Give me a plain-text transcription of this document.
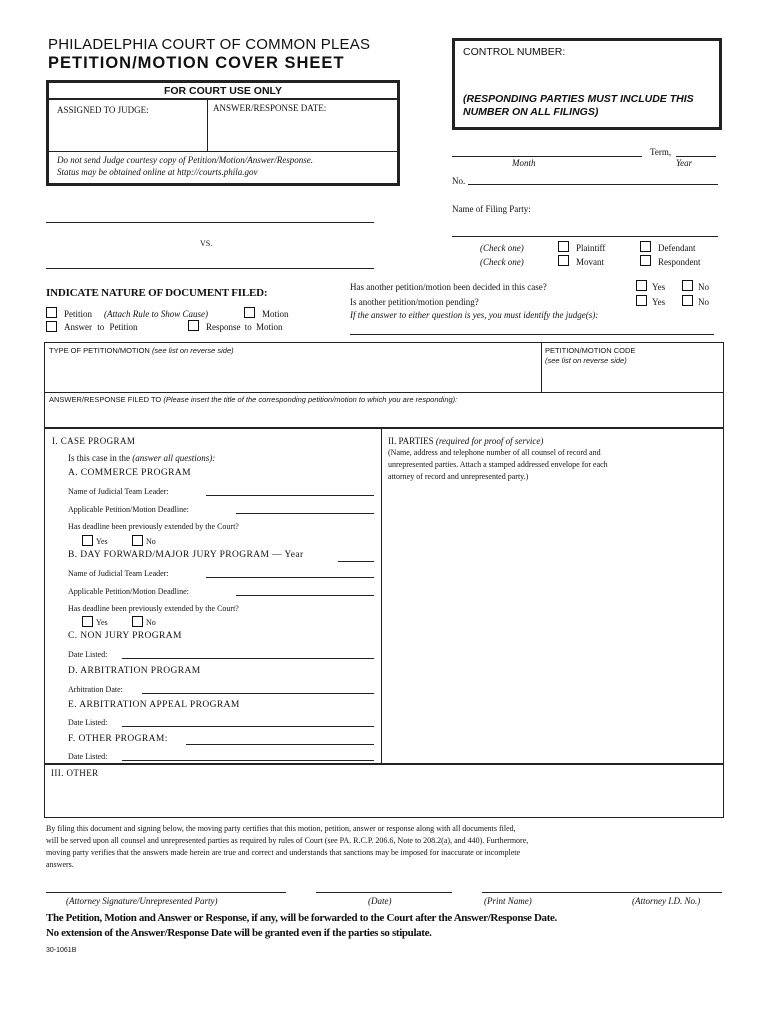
PHILADELPHIA COURT OF COMMON PLEAS
PETITION/MOTION COVER SHEET
CONTROL NUMBER:
(RESPONDING PARTIES MUST INCLUDE THIS NUMBER ON ALL FILINGS)
FOR COURT USE ONLY
ASSIGNED TO JUDGE:	ANSWER/RESPONSE DATE:
Do not send Judge courtesy copy of Petition/Motion/Answer/Response.
Status may be obtained online at http://courts.phila.gov
VS.
Term,
Month	Year
No.
Name of Filing Party:
(Check one)	Plaintiff	Defendant
(Check one)	Movant	Respondent
INDICATE NATURE OF DOCUMENT FILED:
Petition (Attach Rule to Show Cause)	Motion
Answer to Petition	Response to Motion
Has another petition/motion been decided in this case?	Yes	No
Is another petition/motion pending?	Yes	No
If the answer to either question is yes, you must identify the judge(s):
TYPE OF PETITION/MOTION (see list on reverse side)	PETITION/MOTION CODE
(see list on reverse side)
ANSWER/RESPONSE FILED TO (Please insert the title of the corresponding petition/motion to which you are responding):
I. CASE PROGRAM
Is this case in the (answer all questions):
A. COMMERCE PROGRAM
Name of Judicial Team Leader:
Applicable Petition/Motion Deadline:
Has deadline been previously extended by the Court?
Yes	No
B. DAY FORWARD/MAJOR JURY PROGRAM — Year
Name of Judicial Team Leader:
Applicable Petition/Motion Deadline:
Has deadline been previously extended by the Court?
Yes	No
C. NON JURY PROGRAM
Date Listed:
D. ARBITRATION PROGRAM
Arbitration Date:
E. ARBITRATION APPEAL PROGRAM
Date Listed:
F. OTHER PROGRAM:
Date Listed:
II. PARTIES (required for proof of service)
(Name, address and telephone number of all counsel of record and
unrepresented parties. Attach a stamped addressed envelope for each
attorney of record and unrepresented party.)
III. OTHER
By filing this document and signing below, the moving party certifies that this motion, petition, answer or response along with all documents filed,
will be served upon all counsel and unrepresented parties as required by rules of Court (see PA. R.C.P. 206.6, Note to 208.2(a), and 440). Furthermore,
moving party verifies that the answers made herein are true and correct and understands that sanctions may be imposed for inaccurate or incomplete
answers.
(Attorney Signature/Unrepresented Party)	(Date)	(Print Name)	(Attorney I.D. No.)
The Petition, Motion and Answer or Response, if any, will be forwarded to the Court after the Answer/Response Date.
No extension of the Answer/Response Date will be granted even if the parties so stipulate.
30-1061B
